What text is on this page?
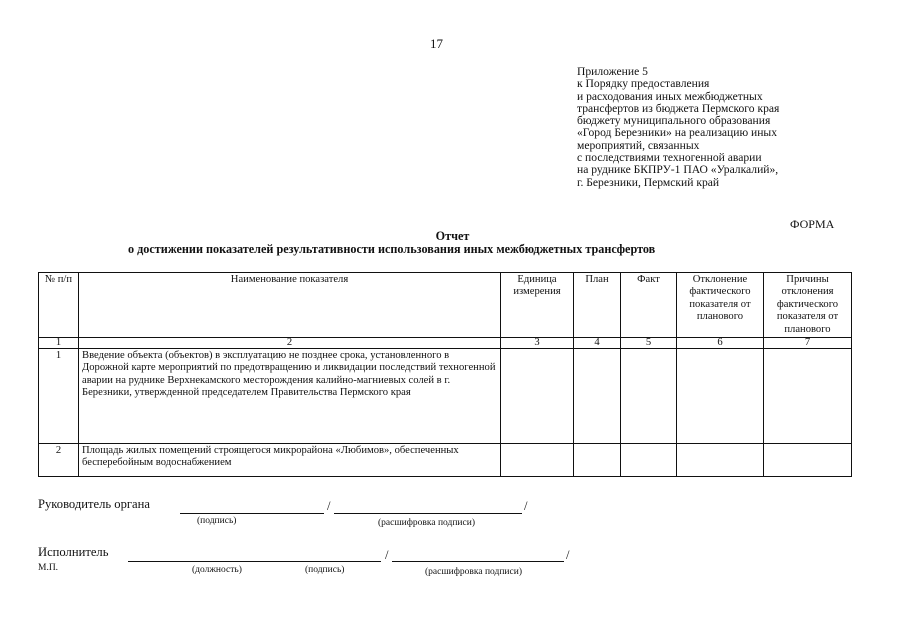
17
Приложение 5
к Порядку предоставления
и расходования иных межбюджетных
трансфертов из бюджета Пермского края
бюджету муниципального образования
«Город Березники» на реализацию иных
мероприятий, связанных
с последствиями техногенной аварии
на руднике БКПРУ-1 ПАО «Уралкалий»,
г. Березники, Пермский край
ФОРМА
Отчет
о достижении показателей результативности использования иных межбюджетных трансфертов
№ п/п	Наименование показателя	Единица измерения	План	Факт	Отклонение фактического показателя от планового	Причины отклонения фактического показателя от планового
1	2	3	4	5	6	7
1	Введение объекта (объектов) в эксплуатацию не позднее срока, установленного в Дорожной карте мероприятий по предотвращению и ликвидации последствий техногенной аварии на руднике Верхнекамского месторождения калийно-магниевых солей в г. Березники, утвержденной председателем Правительства Пермского края					
2	Площадь жилых помещений строящегося микрорайона «Любимов», обеспеченных бесперебойным водоснабжением					
Руководитель органа	/	/
(подпись)	(расшифровка подписи)
Исполнитель	/	/
М.П.	(должность)	(подпись)	(расшифровка подписи)
